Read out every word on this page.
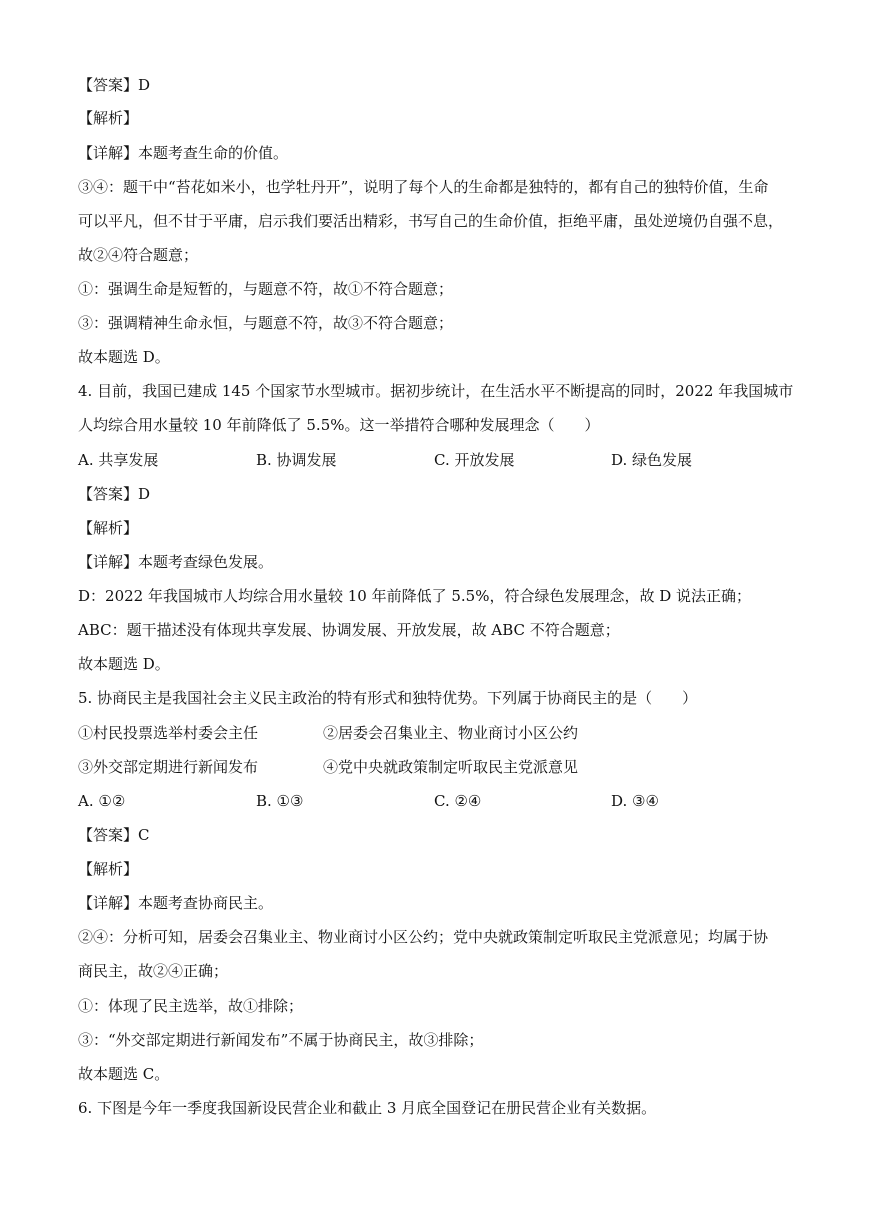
【答案】D
【解析】
【详解】本题考查生命的价值。
③④：题干中“苔花如米小，也学牡丹开”，说明了每个人的生命都是独特的，都有自己的独特价值，生命
可以平凡，但不甘于平庸，启示我们要活出精彩，书写自己的生命价值，拒绝平庸，虽处逆境仍自强不息，
故②④符合题意；
①：强调生命是短暂的，与题意不符，故①不符合题意；
③：强调精神生命永恒，与题意不符，故③不符合题意；
故本题选 D。
4. 目前，我国已建成 145 个国家节水型城市。据初步统计，在生活水平不断提高的同时，2022 年我国城市
人均综合用水量较 10 年前降低了 5.5%。这一举措符合哪种发展理念（　　）
A. 共享发展	B. 协调发展	C. 开放发展	D. 绿色发展
【答案】D
【解析】
【详解】本题考查绿色发展。
D：2022 年我国城市人均综合用水量较 10 年前降低了 5.5%，符合绿色发展理念，故 D 说法正确；
ABC：题干描述没有体现共享发展、协调发展、开放发展，故 ABC 不符合题意；
故本题选 D。
5. 协商民主是我国社会主义民主政治的特有形式和独特优势。下列属于协商民主的是（　　）
①村民投票选举村委会主任	②居委会召集业主、物业商讨小区公约
③外交部定期进行新闻发布	④党中央就政策制定听取民主党派意见
A. ①②	B. ①③	C. ②④	D. ③④
【答案】C
【解析】
【详解】本题考查协商民主。
②④：分析可知，居委会召集业主、物业商讨小区公约；党中央就政策制定听取民主党派意见；均属于协
商民主，故②④正确；
①：体现了民主选举，故①排除；
③：“外交部定期进行新闻发布”不属于协商民主，故③排除；
故本题选 C。
6. 下图是今年一季度我国新设民营企业和截止 3 月底全国登记在册民营企业有关数据。
